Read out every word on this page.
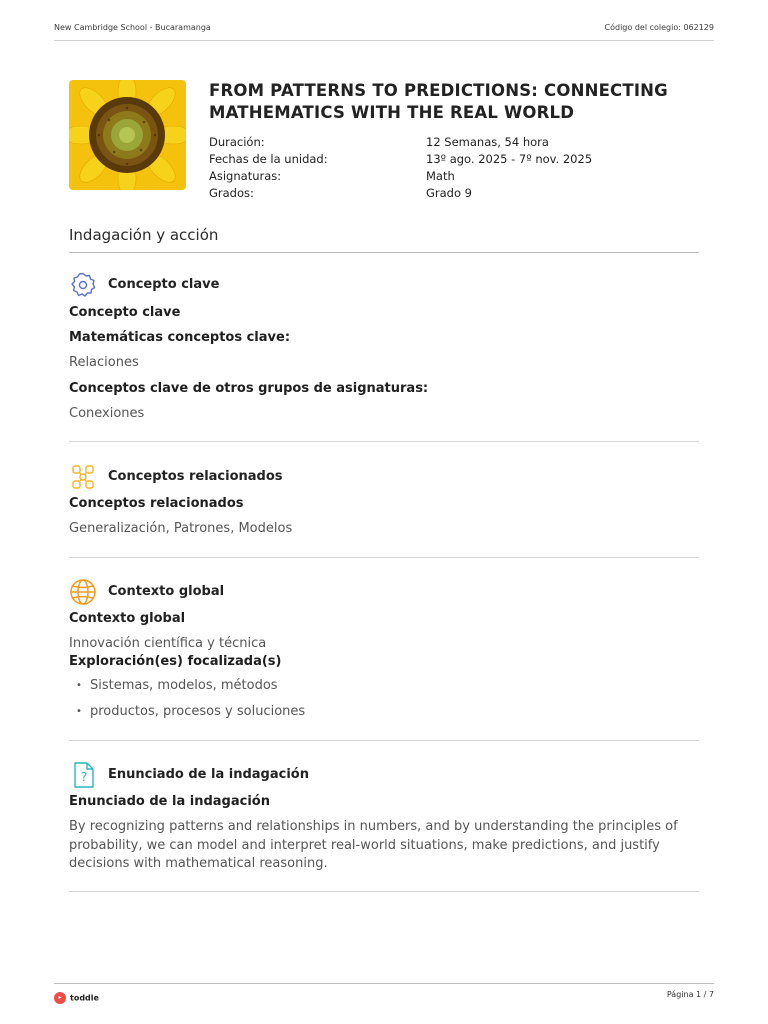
New Cambridge School - Bucaramanga	Código del colegio: 062129
FROM PATTERNS TO PREDICTIONS: CONNECTING MATHEMATICS WITH THE REAL WORLD
Duración:	12 Semanas, 54 hora
Fechas de la unidad:	13º ago. 2025 - 7º nov. 2025
Asignaturas:	Math
Grados:	Grado 9
Indagación y acción
Concepto clave
Concepto clave
Matemáticas conceptos clave:
Relaciones
Conceptos clave de otros grupos de asignaturas:
Conexiones
Conceptos relacionados
Conceptos relacionados
Generalización, Patrones, Modelos
Contexto global
Contexto global
Innovación científica y técnica
Exploración(es) focalizada(s)
• Sistemas, modelos, métodos
• productos, procesos y soluciones
? Enunciado de la indagación
Enunciado de la indagación
By recognizing patterns and relationships in numbers, and by understanding the principles of
probability, we can model and interpret real-world situations, make predictions, and justify
decisions with mathematical reasoning.
▸ toddle	Página 1 / 7
